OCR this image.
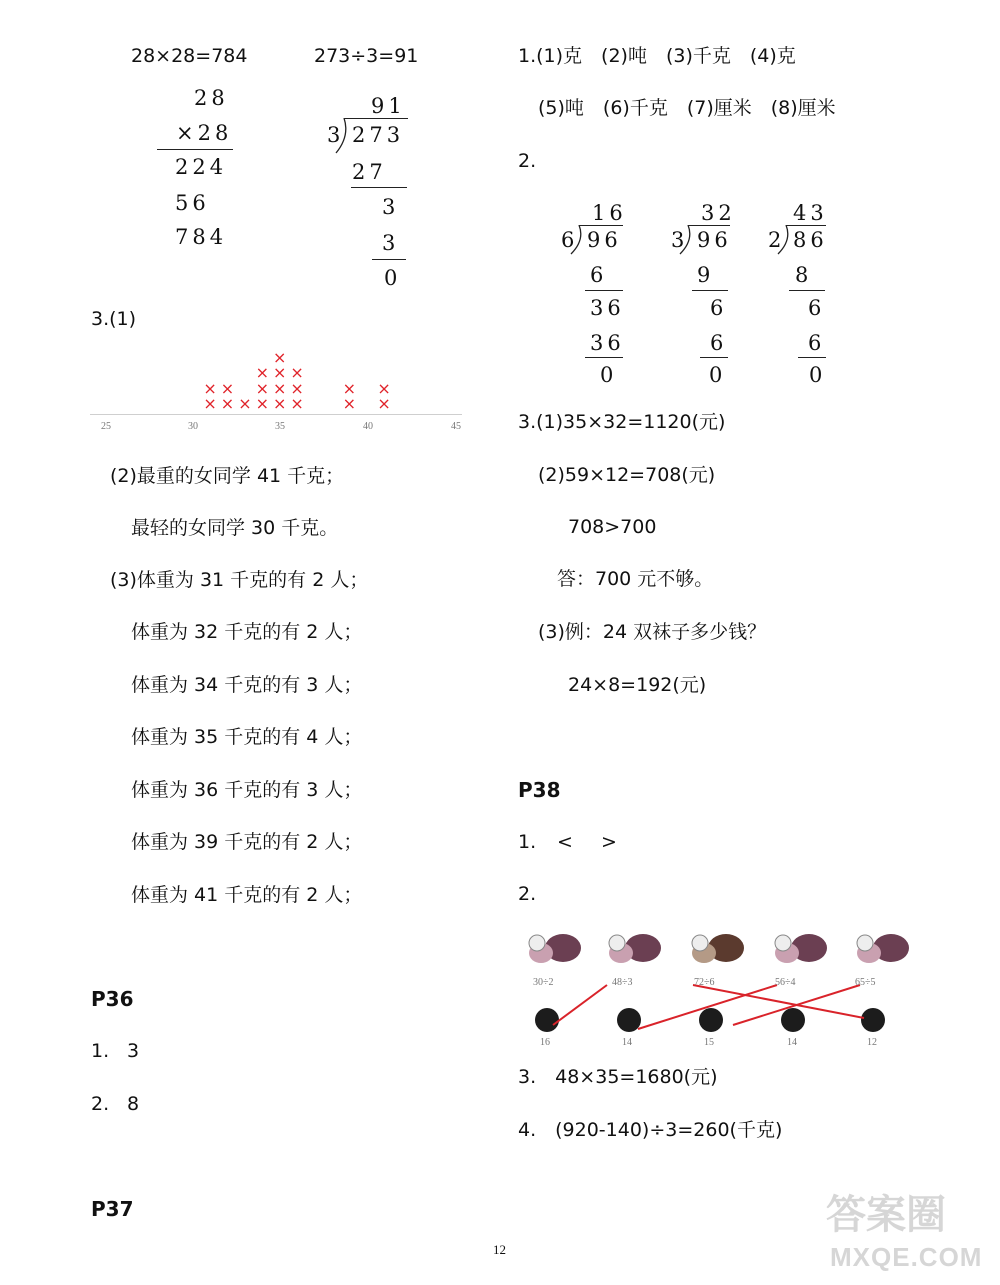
28×28=784	273÷3=91
28
×28
224
56
784
91
3 273
27
3
3
0
3.(1)
×
×
×
×
× ×
×
×
×
×
×
×
×
×
×
×
×
×
×
25	30	35	40	45
(2)最重的女同学 41 千克；
最轻的女同学 30 千克。
(3)体重为 31 千克的有 2 人；
体重为 32 千克的有 2 人；
体重为 34 千克的有 3 人；
体重为 35 千克的有 4 人；
体重为 36 千克的有 3 人；
体重为 39 千克的有 2 人；
体重为 41 千克的有 2 人；
P36
1. 3
2. 8
P37
1.(1)克　(2)吨　(3)千克　(4)克
(5)吨　(6)千克　(7)厘米　(8)厘米
2.
16
6 96
6
36
36
0
32
3 96
9
6
6
0
43
2 86
8
6
6
0
3.(1)35×32=1120(元)
(2)59×12=708(元)
708>700
答：700 元不够。
(3)例：24 双袜子多少钱？
24×8=192(元)
P38
1. < >
2.
30÷2	48÷3	72÷6	56÷4	65÷5
16	14	15	14	12
3.　48×35=1680(元)
4.　(920-140)÷3=260(千克)
12
答案圈
MXQE.COM
